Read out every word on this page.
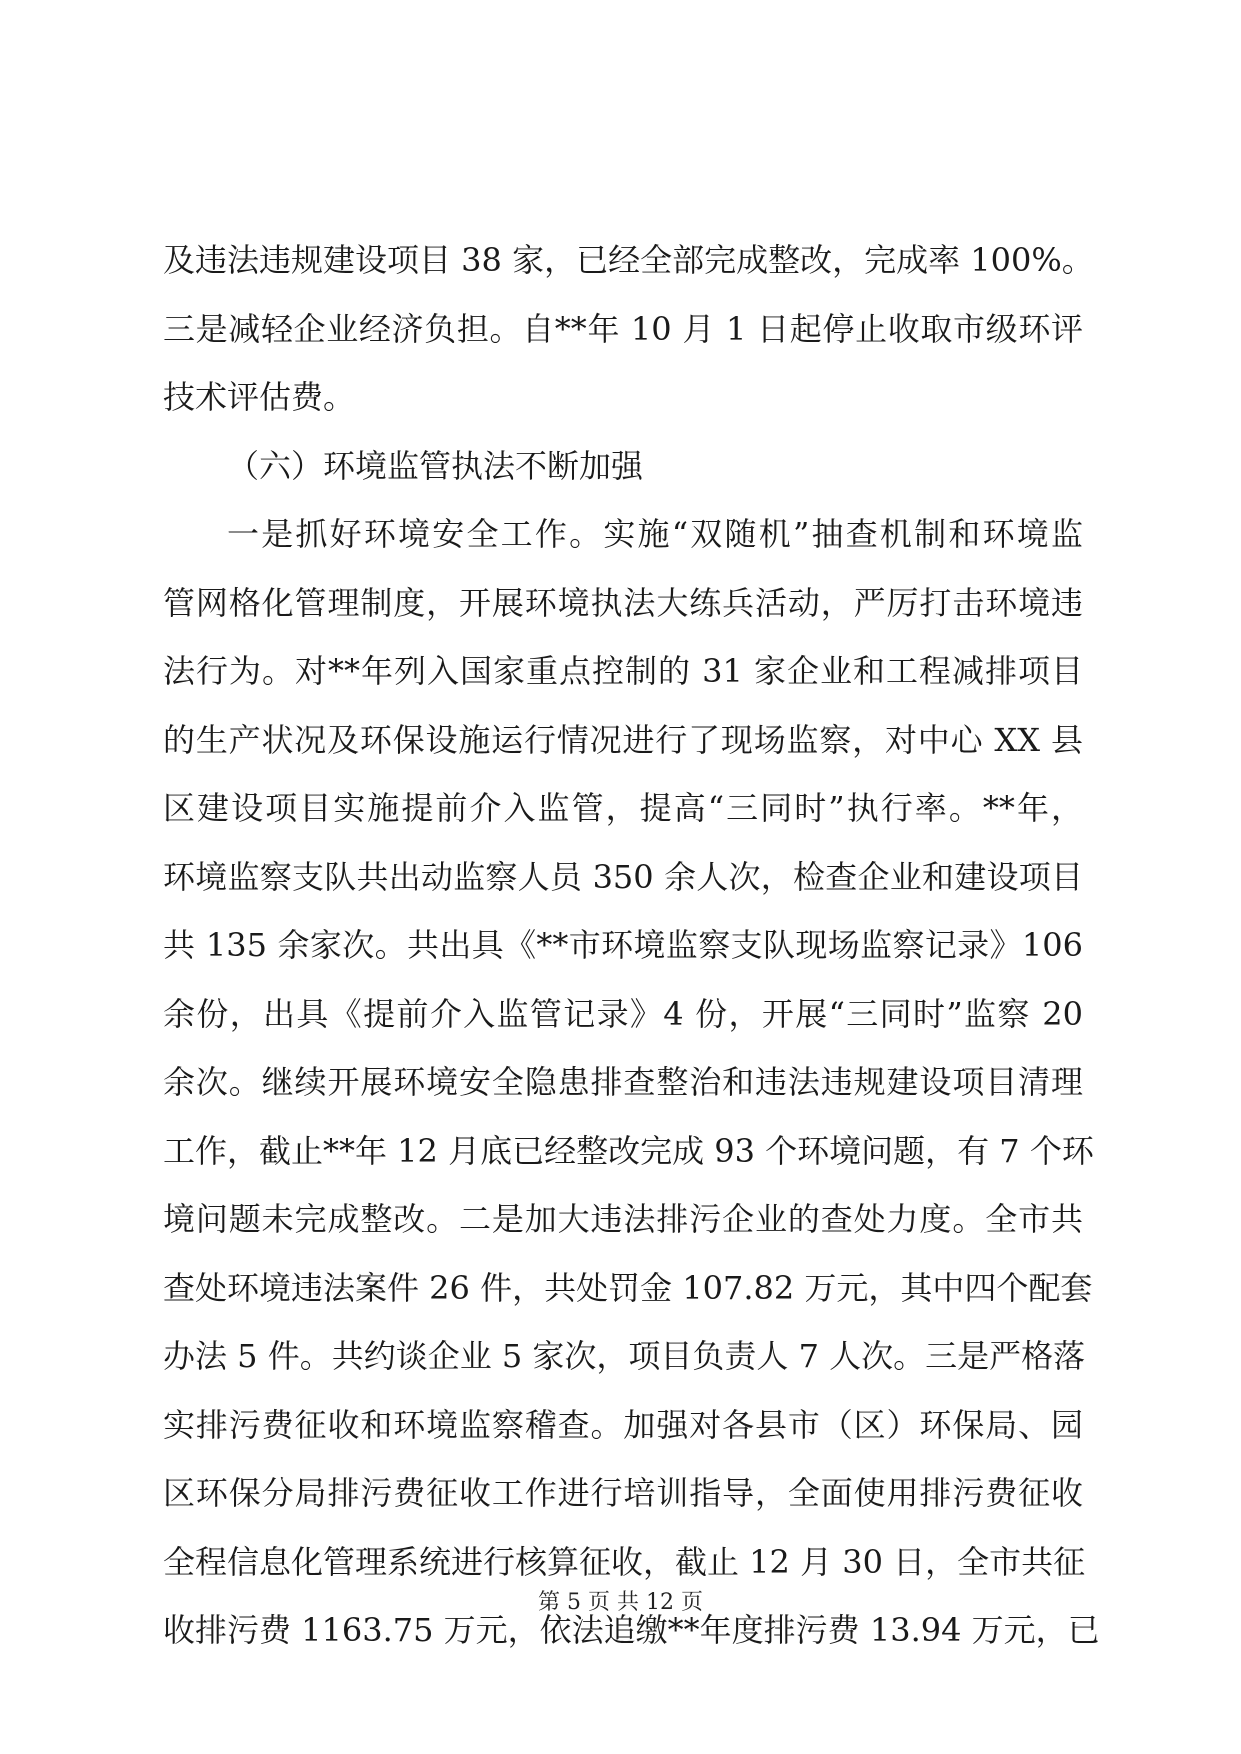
及违法违规建设项目 38 家，已经全部完成整改，完成率 100%。
三是减轻企业经济负担。自**年 10 月 1 日起停止收取市级环评
技术评估费。
（六）环境监管执法不断加强
一是抓好环境安全工作。实施“双随机”抽查机制和环境监
管网格化管理制度，开展环境执法大练兵活动，严厉打击环境违
法行为。对**年列入国家重点控制的 31 家企业和工程减排项目
的生产状况及环保设施运行情况进行了现场监察，对中心 XX 县
区建设项目实施提前介入监管，提高“三同时”执行率。**年，
环境监察支队共出动监察人员 350 余人次，检查企业和建设项目
共 135 余家次。共出具《**市环境监察支队现场监察记录》106
余份，出具《提前介入监管记录》4 份，开展“三同时”监察 20
余次。继续开展环境安全隐患排查整治和违法违规建设项目清理
工作，截止**年 12 月底已经整改完成 93 个环境问题，有 7 个环
境问题未完成整改。二是加大违法排污企业的查处力度。全市共
查处环境违法案件 26 件，共处罚金 107.82 万元，其中四个配套
办法 5 件。共约谈企业 5 家次，项目负责人 7 人次。三是严格落
实排污费征收和环境监察稽查。加强对各县市（区）环保局、园
区环保分局排污费征收工作进行培训指导，全面使用排污费征收
全程信息化管理系统进行核算征收，截止 12 月 30 日，全市共征
收排污费 1163.75 万元，依法追缴**年度排污费 13.94 万元，已
第 5 页 共 12 页
